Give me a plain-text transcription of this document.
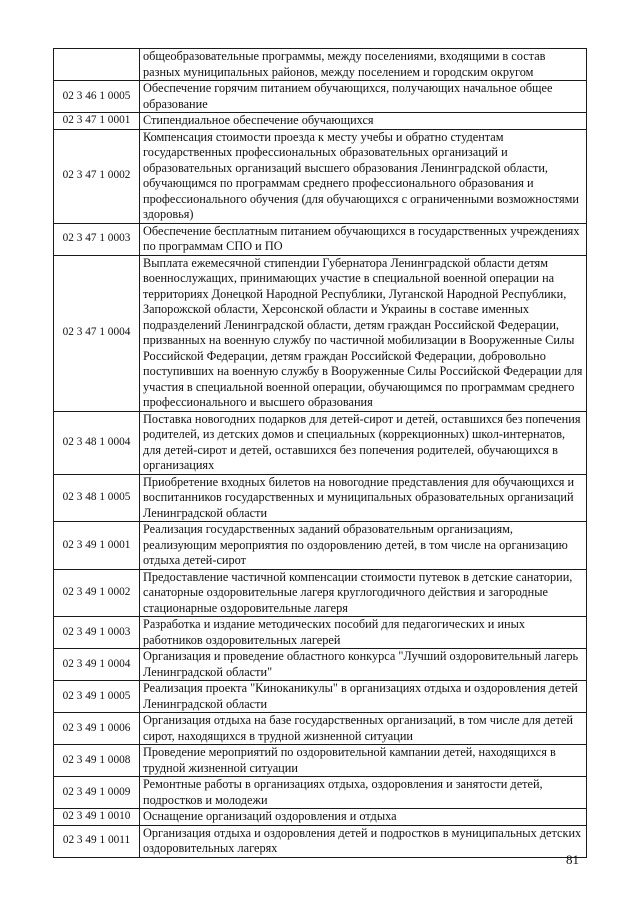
	общеобразовательные программы, между поселениями, входящими в состав разных муниципальных районов, между поселением и городским округом
02 3 46 1 0005	Обеспечение горячим питанием обучающихся, получающих начальное общее образование
02 3 47 1 0001	Стипендиальное обеспечение обучающихся
02 3 47 1 0002	Компенсация стоимости проезда к месту учебы и обратно студентам государственных профессиональных образовательных организаций и образовательных организаций высшего образования Ленинградской области, обучающимся по программам среднего профессионального образования и профессионального обучения (для обучающихся с ограниченными возможностями здоровья)
02 3 47 1 0003	Обеспечение бесплатным питанием обучающихся в государственных учреждениях по программам СПО и ПО
02 3 47 1 0004	Выплата ежемесячной стипендии Губернатора Ленинградской области детям военнослужащих, принимающих участие в специальной военной операции на территориях Донецкой Народной Республики, Луганской Народной Республики, Запорожской области, Херсонской области и Украины в составе именных подразделений Ленинградской области, детям граждан Российской Федерации, призванных на военную службу по частичной мобилизации в Вооруженные Силы Российской Федерации, детям граждан Российской Федерации, добровольно поступивших на военную службу в Вооруженные Силы Российской Федерации для участия в специальной военной операции, обучающимся по программам среднего профессионального и высшего образования
02 3 48 1 0004	Поставка новогодних подарков для детей-сирот и детей, оставшихся без попечения родителей, из детских домов и специальных (коррекционных) школ-интернатов, для детей-сирот и детей, оставшихся без попечения родителей, обучающихся в организациях
02 3 48 1 0005	Приобретение входных билетов на новогодние представления для обучающихся и воспитанников государственных и муниципальных образовательных организаций Ленинградской области
02 3 49 1 0001	Реализация государственных заданий образовательным организациям, реализующим мероприятия по оздоровлению детей, в том числе на организацию отдыха детей-сирот
02 3 49 1 0002	Предоставление частичной компенсации стоимости путевок в детские санатории, санаторные оздоровительные лагеря круглогодичного действия и загородные стационарные оздоровительные лагеря
02 3 49 1 0003	Разработка и издание методических пособий для педагогических и иных работников оздоровительных лагерей
02 3 49 1 0004	Организация и проведение областного конкурса "Лучший оздоровительный лагерь Ленинградской области"
02 3 49 1 0005	Реализация проекта "Киноканикулы" в организациях отдыха и оздоровления детей Ленинградской области
02 3 49 1 0006	Организация отдыха на базе государственных организаций, в том числе для детей сирот, находящихся в трудной жизненной ситуации
02 3 49 1 0008	Проведение мероприятий по оздоровительной кампании детей, находящихся в трудной жизненной ситуации
02 3 49 1 0009	Ремонтные работы в организациях отдыха, оздоровления и занятости детей, подростков и молодежи
02 3 49 1 0010	Оснащение организаций оздоровления и отдыха
02 3 49 1 0011	Организация отдыха и оздоровления детей и подростков в муниципальных детских оздоровительных лагерях
81
